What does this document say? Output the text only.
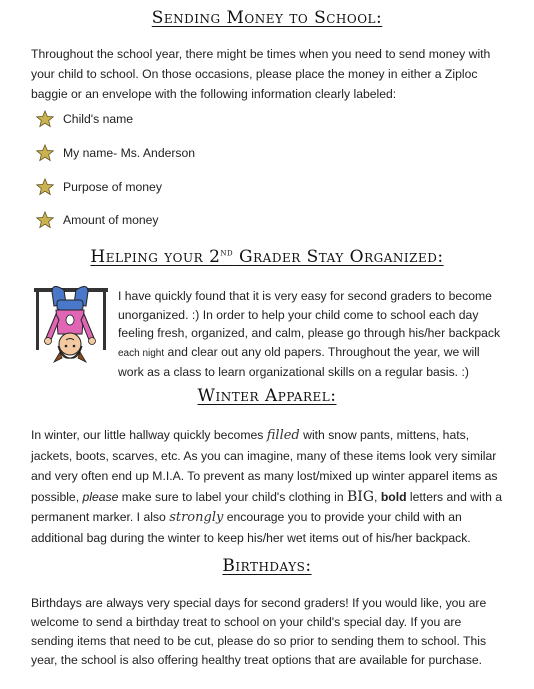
Sending Money to School:
Throughout the school year, there might be times when you need to send money with
your child to school. On those occasions, please place the money in either a Ziploc
baggie or an envelope with the following information clearly labeled:
Child's name
My name- Ms. Anderson
Purpose of money
Amount of money
Helping your 2nd Grader Stay Organized:
I have quickly found that it is very easy for second graders to become
unorganized. :) In order to help your child come to school each day
feeling fresh, organized, and calm, please go through his/her backpack
each night and clear out any old papers. Throughout the year, we will
work as a class to learn organizational skills on a regular basis. :)
Winter Apparel:
In winter, our little hallway quickly becomes filled with snow pants, mittens, hats,
jackets, boots, scarves, etc. As you can imagine, many of these items look very similar
and very often end up M.I.A. To prevent as many lost/mixed up winter apparel items as
possible, please make sure to label your child's clothing in BIG, bold letters and with a
permanent marker. I also strongly encourage you to provide your child with an
additional bag during the winter to keep his/her wet items out of his/her backpack.
Birthdays:
Birthdays are always very special days for second graders! If you would like, you are
welcome to send a birthday treat to school on your child's special day. If you are
sending items that need to be cut, please do so prior to sending them to school. This
year, the school is also offering healthy treat options that are available for purchase.
